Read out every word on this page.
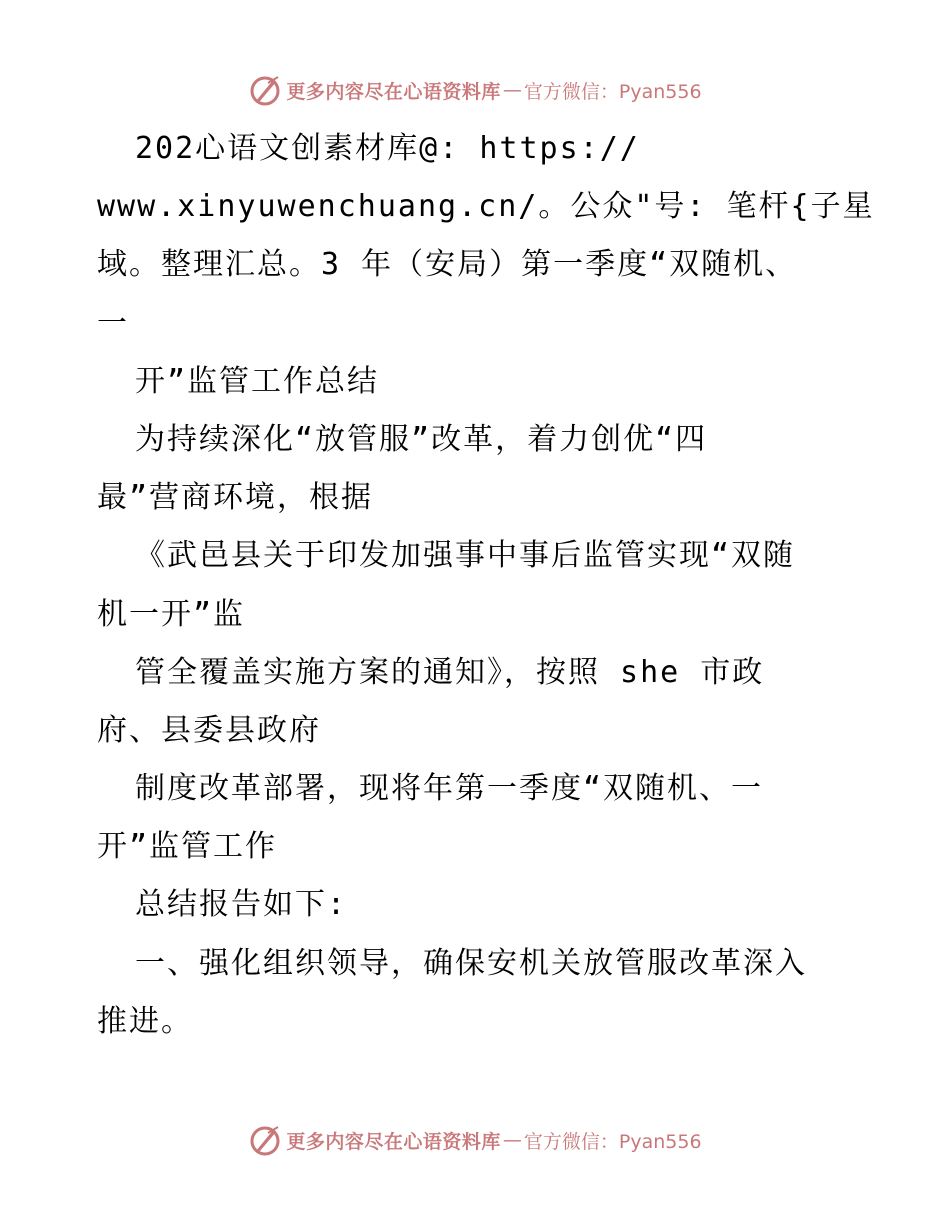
更多内容尽在心语资料库 — 官方微信：Pyan556
202心语文创素材库@: https://
www.xinyuwenchuang.cn/。公众"号: 笔杆{子星
域。整理汇总。3 年（安局）第一季度“双随机、
一
开”监管工作总结
为持续深化“放管服”改革，着力创优“四
最”营商环境，根据
《武邑县关于印发加强事中事后监管实现“双随
机一开”监
管全覆盖实施方案的通知》，按照 she 市政
府、县委县政府
制度改革部署，现将年第一季度“双随机、一
开”监管工作
总结报告如下:
一、强化组织领导，确保安机关放管服改革深入
推进。
更多内容尽在心语资料库 — 官方微信：Pyan556
